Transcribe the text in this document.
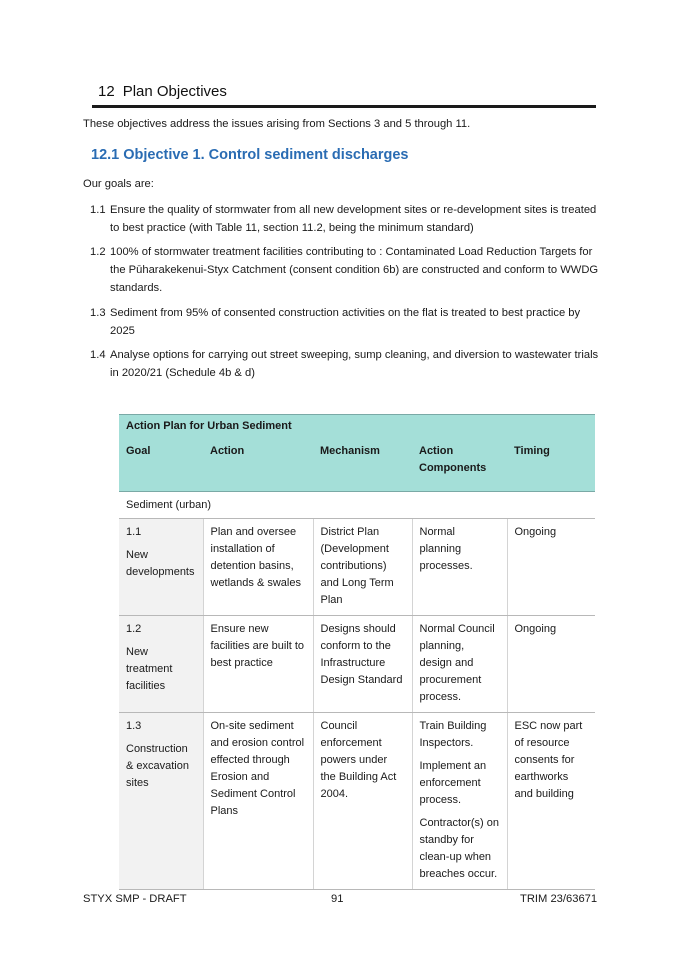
12 Plan Objectives
These objectives address the issues arising from Sections 3 and 5 through 11.
12.1 Objective 1. Control sediment discharges
Our goals are:
1.1 Ensure the quality of stormwater from all new development sites or re-development sites is treated to best practice (with Table 11, section 11.2, being the minimum standard)
1.2 100% of stormwater treatment facilities contributing to : Contaminated Load Reduction Targets for the Pūharakekenui-Styx Catchment (consent condition 6b) are constructed and conform to WWDG standards.
1.3 Sediment from 95% of consented construction activities on the flat is treated to best practice by 2025
1.4 Analyse options for carrying out street sweeping, sump cleaning, and diversion to wastewater trials in 2020/21 (Schedule 4b & d)
Action Plan for Urban Sediment				
Goal	Action	Mechanism	Action Components	Timing
Sediment (urban)				

1.1
New developments	Plan and oversee installation of detention basins, wetlands & swales	District Plan (Development contributions) and Long Term Plan	Normal planning processes.	Ongoing

1.2
New treatment facilities	Ensure new facilities are built to best practice	Designs should conform to the Infrastructure Design Standard	Normal Council planning, design and procurement process.	Ongoing

1.3
Construction & excavation sites	On-site sediment and erosion control effected through Erosion and Sediment Control Plans	Council enforcement powers under the Building Act 2004.	Train Building Inspectors.
Implement an enforcement process.
Contractor(s) on standby for clean-up when breaches occur.	ESC now part of resource consents for earthworks and building
STYX SMP - DRAFT	91	TRIM 23/63671
